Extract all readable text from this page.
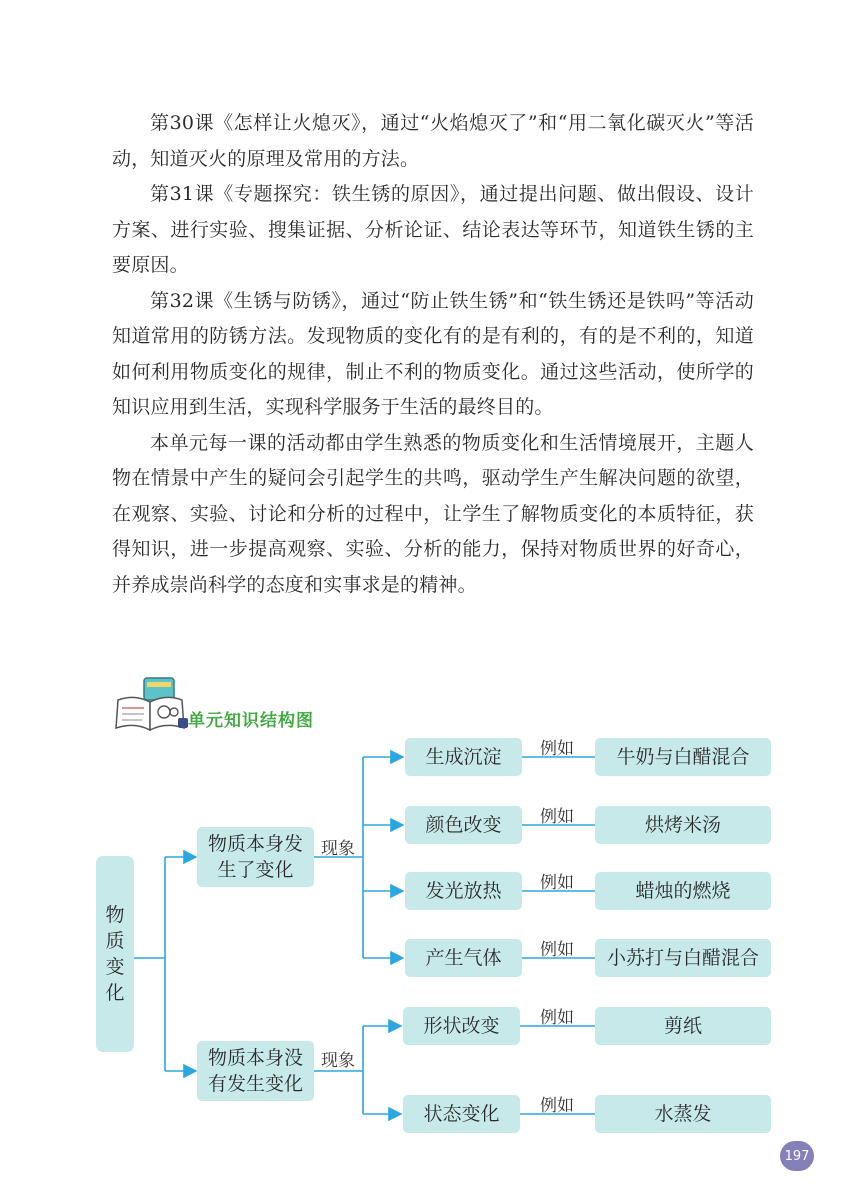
第30课《怎样让火熄灭》，通过“火焰熄灭了”和“用二氧化碳灭火”等活动，知道灭火的原理及常用的方法。

第31课《专题探究：铁生锈的原因》，通过提出问题、做出假设、设计方案、进行实验、搜集证据、分析论证、结论表达等环节，知道铁生锈的主要原因。

第32课《生锈与防锈》，通过“防止铁生锈”和“铁生锈还是铁吗”等活动知道常用的防锈方法。发现物质的变化有的是有利的，有的是不利的，知道如何利用物质变化的规律，制止不利的物质变化。通过这些活动，使所学的知识应用到生活，实现科学服务于生活的最终目的。

本单元每一课的活动都由学生熟悉的物质变化和生活情境展开，主题人物在情景中产生的疑问会引起学生的共鸣，驱动学生产生解决问题的欲望，在观察、实验、讨论和分析的过程中，让学生了解物质变化的本质特征，获得知识，进一步提高观察、实验、分析的能力，保持对物质世界的好奇心，并养成崇尚科学的态度和实事求是的精神。

单元知识结构图
物质变化
物质本身发生了变化
物质本身没有发生变化
现象
现象
生成沉淀
颜色改变
发光放热
产生气体
形状改变
状态变化
例如
例如
例如
例如
例如
例如
牛奶与白醋混合
烘烤米汤
蜡烛的燃烧
小苏打与白醋混合
剪纸
水蒸发
197
